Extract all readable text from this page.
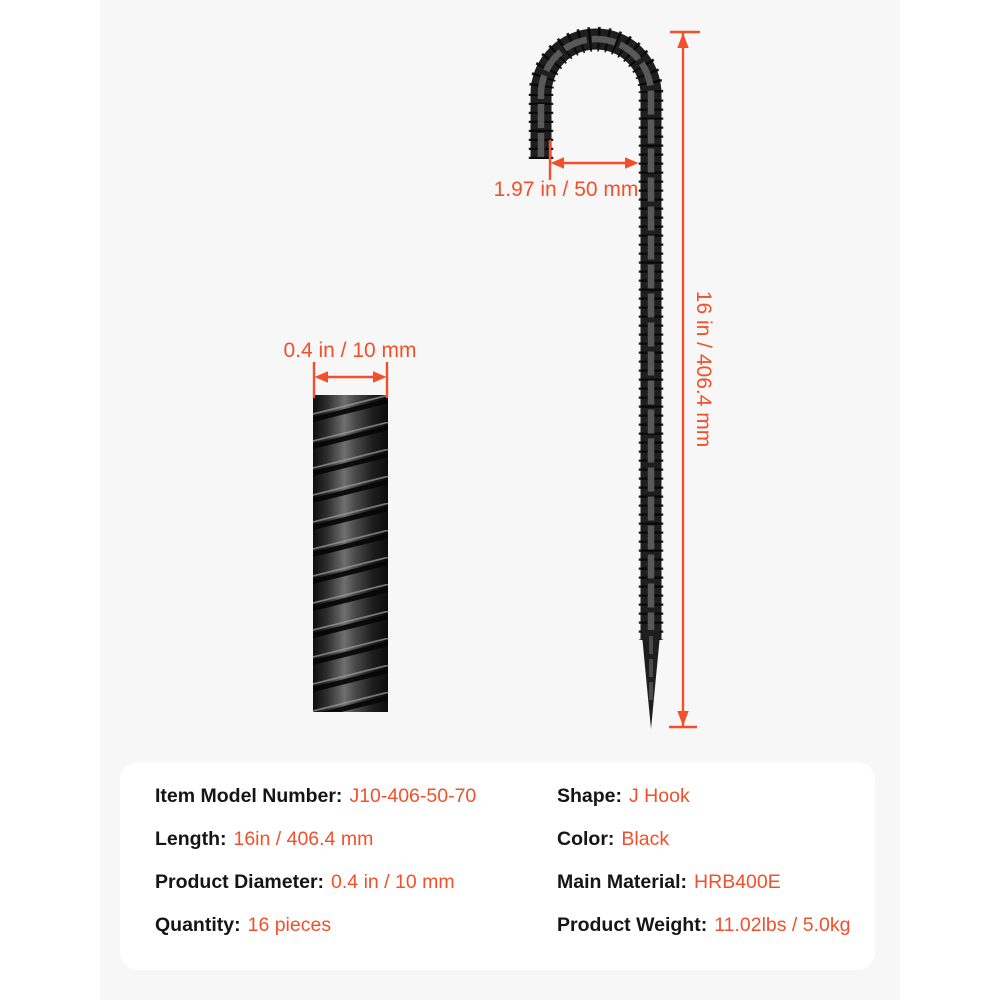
1.97 in / 50 mm
16 in / 406.4 mm
0.4 in / 10 mm
Item Model Number: J10-406-50-70	Shape: J Hook
Length: 16in / 406.4 mm	Color: Black
Product Diameter: 0.4 in / 10 mm	Main Material: HRB400E
Quantity: 16 pieces	Product Weight: 11.02lbs / 5.0kg
